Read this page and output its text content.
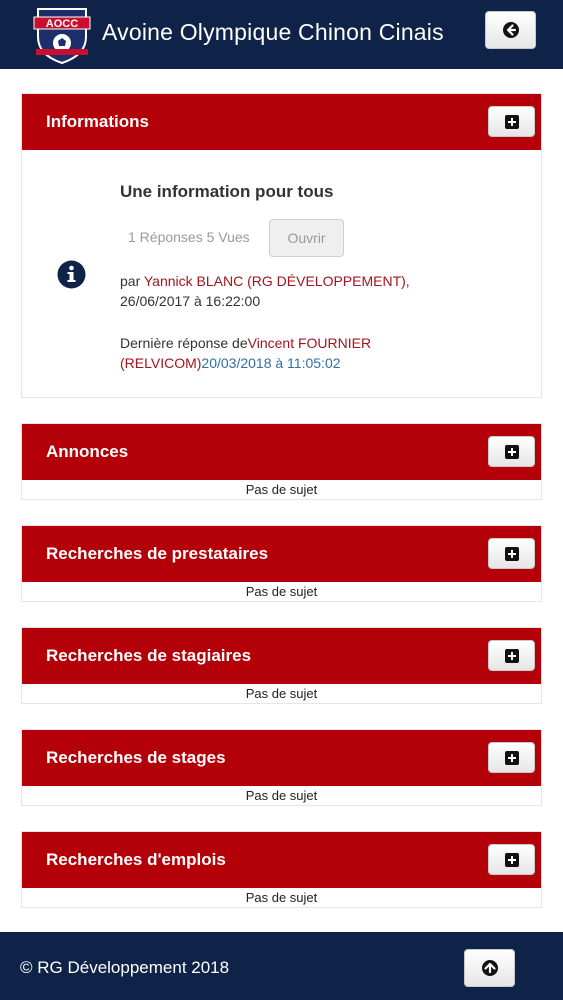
AOCC Avoine Olympique Chinon Cinais
Informations
Une information pour tous
1 Réponses 5 Vues	Ouvrir
par Yannick BLANC (RG DÉVELOPPEMENT),
26/06/2017 à 16:22:00
Dernière réponse deVincent FOURNIER (RELVICOM)20/03/2018 à 11:05:02
Annonces
Pas de sujet
Recherches de prestataires
Pas de sujet
Recherches de stagiaires
Pas de sujet
Recherches de stages
Pas de sujet
Recherches d'emplois
Pas de sujet
© RG Développement 2018
